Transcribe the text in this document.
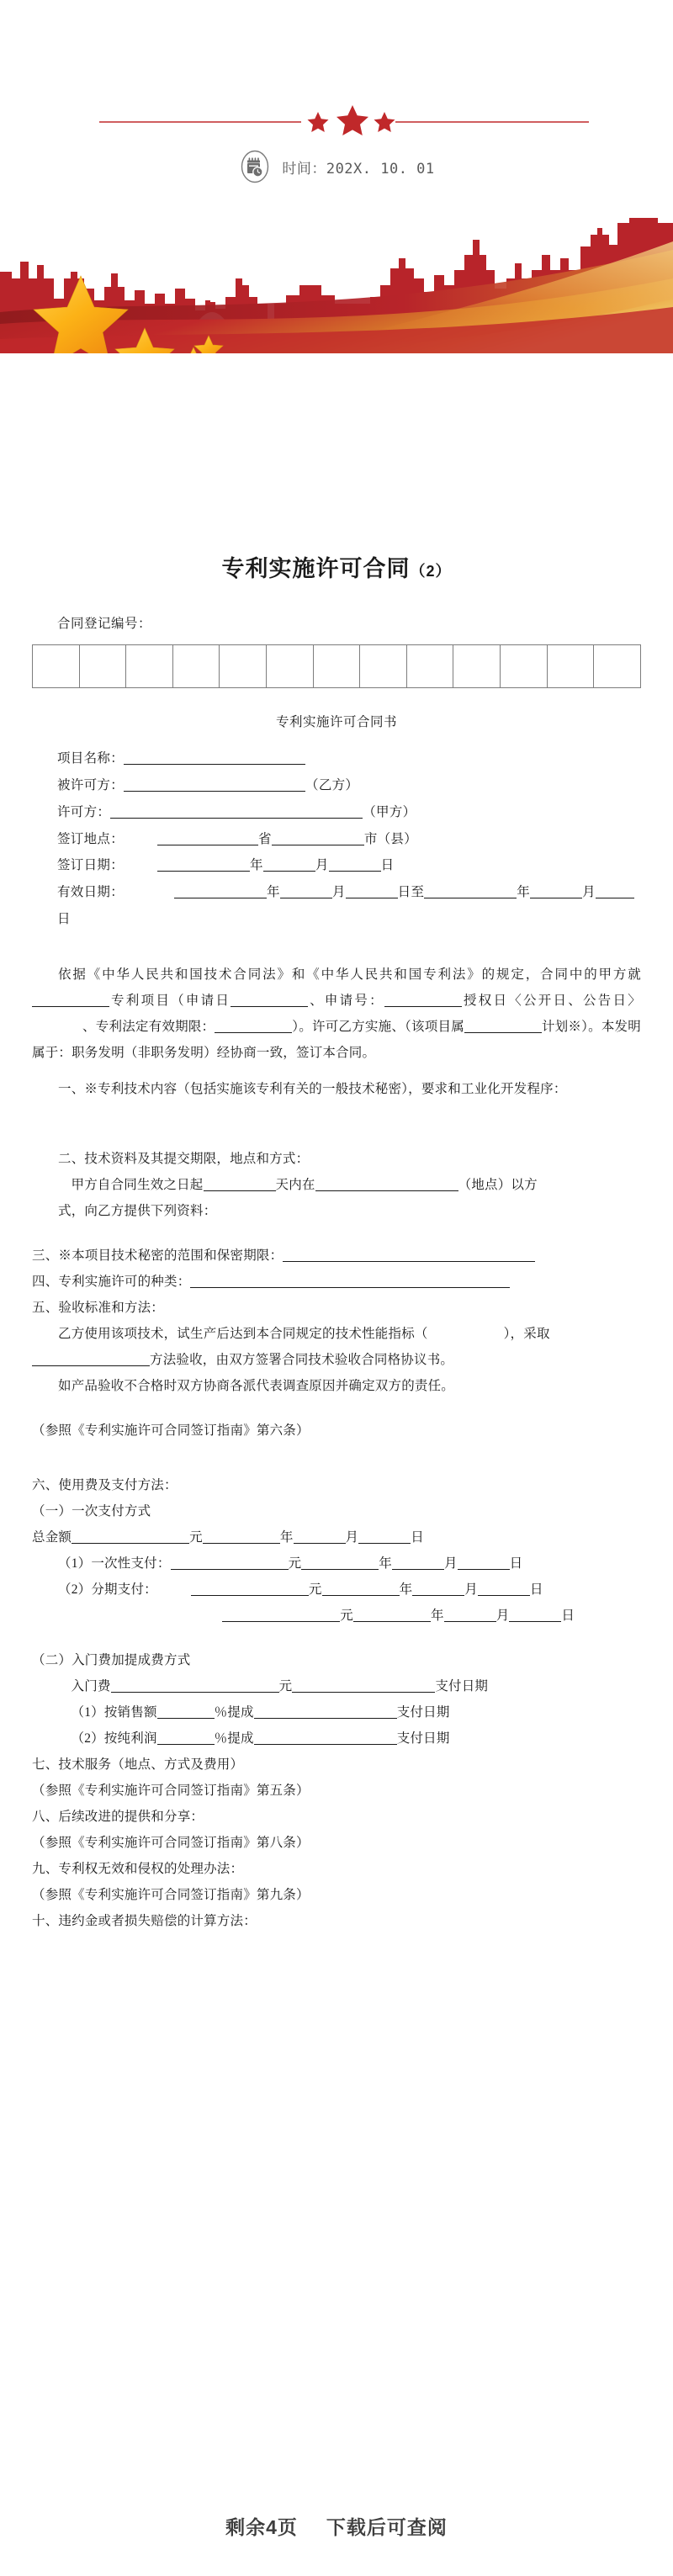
时间：202X. 10. 01
专利实施许可合同（2）
合同登记编号：
专利实施许可合同书
项目名称：
被许可方：	（乙方）
许可方：	（甲方）
签订地点：	省	市（县）
签订日期：	年	月	日
有效日期：	年	月	日至	年	月日

依据《中华人民共和国技术合同法》和《中华人民共和国专利法》的规定，合同中的甲方就专利项目（申请日	、申请号：	授权日〈公开日、公告日〉、专利法定有效期限：	）。许可乙方实施、（该项目属	计划※）。本发明属于：职务发明（非职务发明）经协商一致，签订本合同。

一、※专利技术内容（包括实施该专利有关的一般技术秘密），要求和工业化开发程序：

二、技术资料及其提交期限，地点和方式：

甲方自合同生效之日起	天内在	（地点）以方

式，向乙方提供下列资料：

三、※本项目技术秘密的范围和保密期限：

四、专利实施许可的种类：

五、验收标准和方法：

乙方使用该项技术，试生产后达到本合同规定的技术性能指标（	），采取方法验收，由双方签署合同技术验收合同格协议书。

如产品验收不合格时双方协商各派代表调查原因并确定双方的责任。

（参照《专利实施许可合同签订指南》第六条）

六、使用费及支付方法：

（一）一次支付方式

总金额	元	年	月	日

（1）一次性支付：	元	年	月	日

（2）分期支付：	元	年	月	日

元	年	月	日

（二）入门费加提成费方式

入门费	元	支付日期

（1）按销售额	％提成	支付日期

（2）按纯利润	％提成	支付日期

七、技术服务（地点、方式及费用）

（参照《专利实施许可合同签订指南》第五条）

八、后续改进的提供和分享：

（参照《专利实施许可合同签订指南》第八条）

九、专利权无效和侵权的处理办法：

（参照《专利实施许可合同签订指南》第九条）

十、违约金或者损失赔偿的计算方法：

剩余4页 下载后可查阅
